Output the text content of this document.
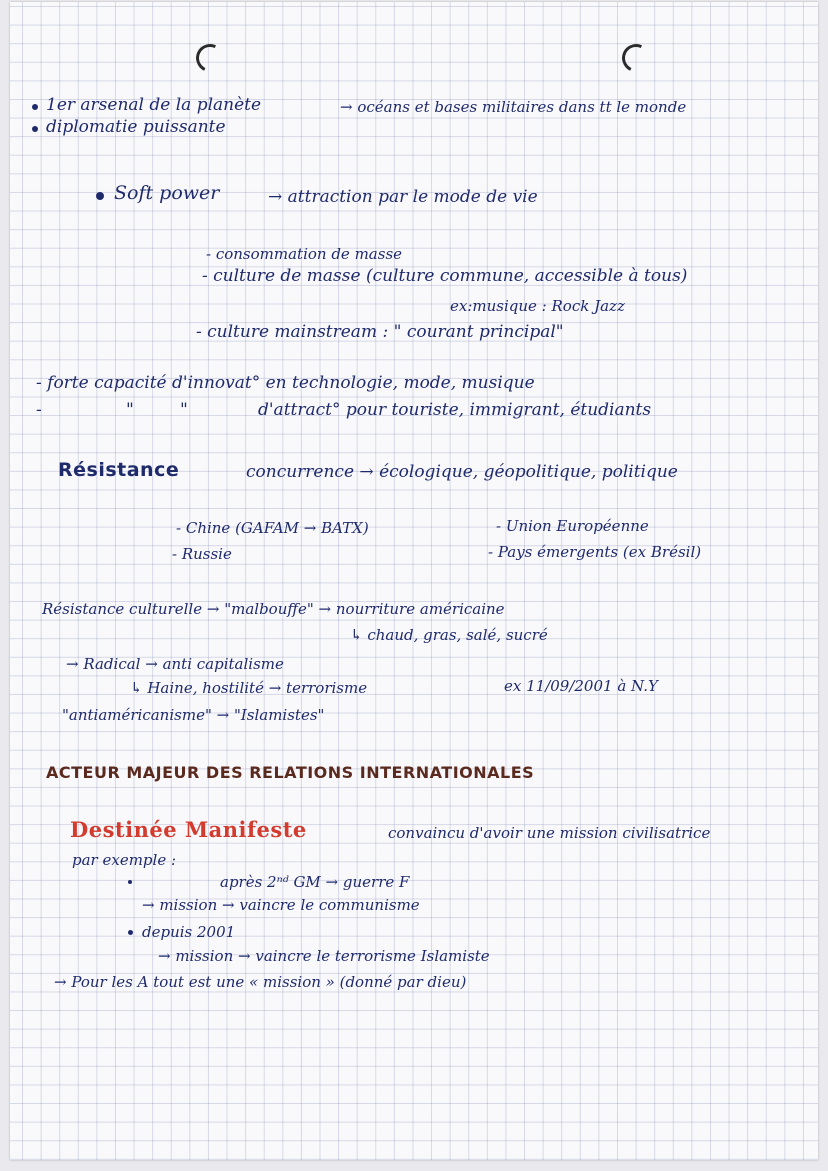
1er arsenal de la planète	→ océans et bases militaires dans tt le monde
diplomatie puissante
Soft power	→ attraction par le mode de vie
- consommation de masse
- culture de masse (culture commune, accessible à tous)
ex:musique : Rock Jazz
- culture mainstream : " courant principal"
- forte capacité d'innovat° en technologie, mode, musique
-	"	"	d'attract° pour touriste, immigrant, étudiants
Résistance	concurrence → écologique, géopolitique, politique
- Chine (GAFAM → BATX)	- Union Européenne
- Russie	- Pays émergents (ex Brésil)
Résistance culturelle → "malbouffe" → nourriture américaine
↳ chaud, gras, salé, sucré
→ Radical → anti capitalisme
↳ Haine, hostilité → terrorisme	ex 11/09/2001 à N.Y
"antiaméricanisme" → "Islamistes"
ACTEUR MAJEUR DES RELATIONS INTERNATIONALES
Destinée Manifeste	convaincu d'avoir une mission civilisatrice
par exemple :
après 2ⁿᵈ GM → guerre F
→ mission → vaincre le communisme
depuis 2001
→ mission → vaincre le terrorisme Islamiste
→ Pour les A tout est une « mission » (donné par dieu)
